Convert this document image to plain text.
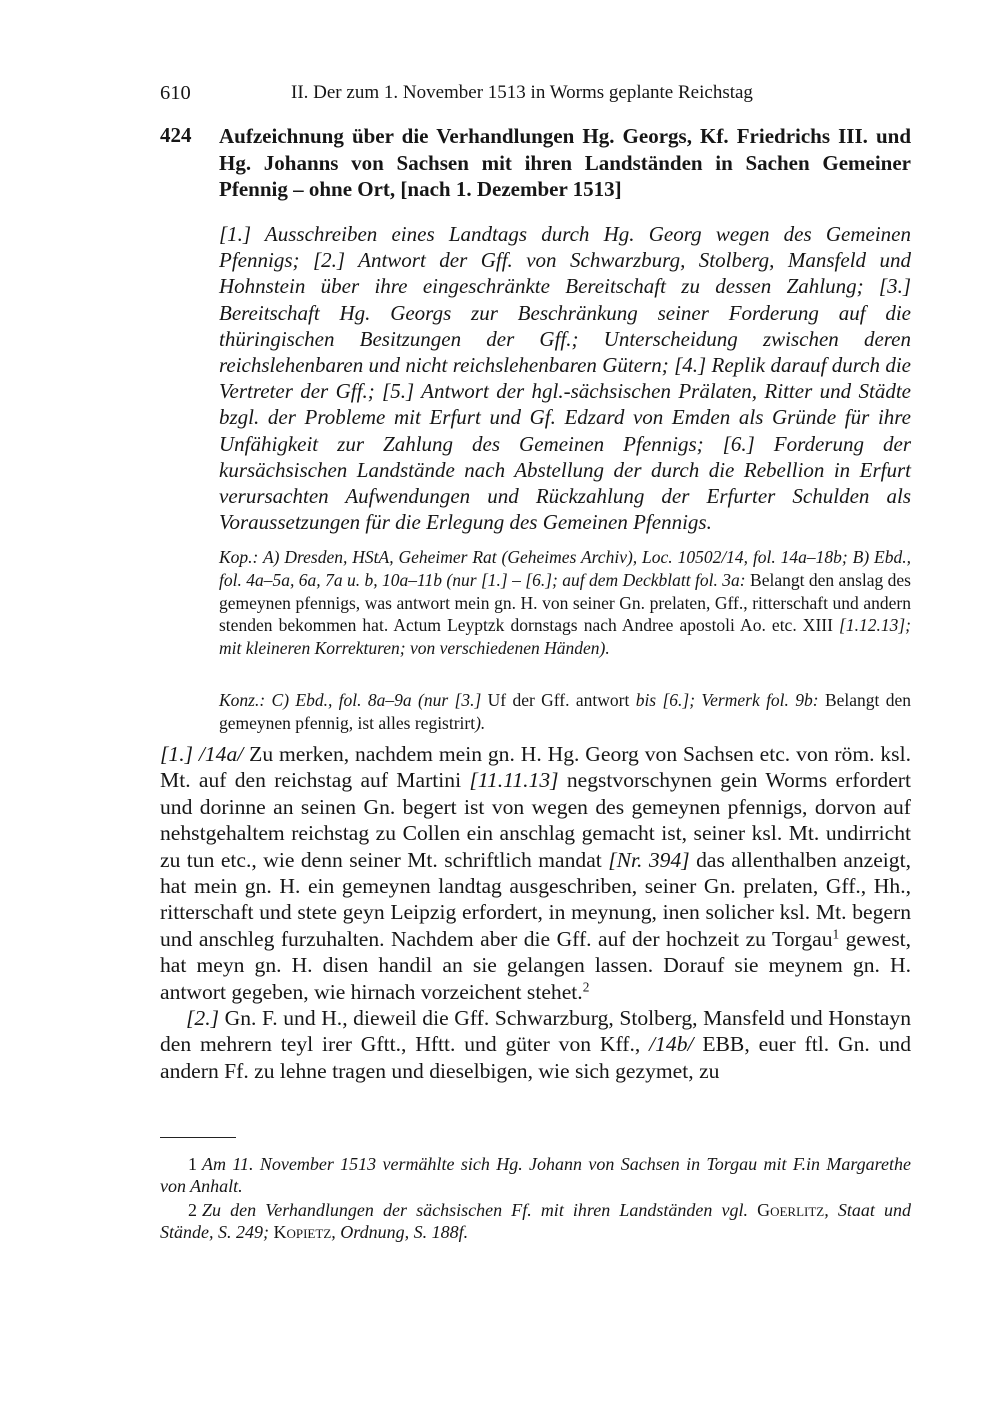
610	II. Der zum 1. November 1513 in Worms geplante Reichstag
424 Aufzeichnung über die Verhandlungen Hg. Georgs, Kf. Friedrichs III. und Hg. Johanns von Sachsen mit ihren Landständen in Sachen Gemeiner Pfennig – ohne Ort, [nach 1. Dezember 1513]
[1.] Ausschreiben eines Landtags durch Hg. Georg wegen des Gemeinen Pfennigs; [2.] Antwort der Gff. von Schwarzburg, Stolberg, Mansfeld und Hohnstein über ihre eingeschränkte Bereitschaft zu dessen Zahlung; [3.] Bereitschaft Hg. Georgs zur Beschränkung seiner Forderung auf die thüringischen Besitzungen der Gff.; Unterscheidung zwischen deren reichslehenbaren und nicht reichslehenbaren Gütern; [4.] Replik darauf durch die Vertreter der Gff.; [5.] Antwort der hgl.-sächsischen Prälaten, Ritter und Städte bzgl. der Probleme mit Erfurt und Gf. Edzard von Emden als Gründe für ihre Unfähigkeit zur Zahlung des Gemeinen Pfennigs; [6.] Forderung der kursächsischen Landstände nach Abstellung der durch die Rebellion in Erfurt verursachten Aufwendungen und Rückzahlung der Erfurter Schulden als Voraussetzungen für die Erlegung des Gemeinen Pfennigs.
Kop.: A) Dresden, HStA, Geheimer Rat (Geheimes Archiv), Loc. 10502/14, fol. 14a–18b; B) Ebd., fol. 4a–5a, 6a, 7a u. b, 10a–11b (nur [1.] – [6.]; auf dem Deckblatt fol. 3a: Belangt den anslag des gemeynen pfennigs, was antwort mein gn. H. von seiner Gn. prelaten, Gff., ritterschaft und andern stenden bekommen hat. Actum Leyptzk dornstags nach Andree apostoli Ao. etc. XIII [1.12.13]; mit kleineren Korrekturen; von verschiedenen Händen).
Konz.: C) Ebd., fol. 8a–9a (nur [3.] Uf der Gff. antwort bis [6.]; Vermerk fol. 9b: Belangt den gemeynen pfennig, ist alles registrirt).

[1.] /14a/ Zu merken, nachdem mein gn. H. Hg. Georg von Sachsen etc. von röm. ksl. Mt. auf den reichstag auf Martini [11.11.13] negstvorschynen gein Worms erfordert und dorinne an seinen Gn. begert ist von wegen des gemeynen pfennigs, dorvon auf nehstgehaltem reichstag zu Collen ein anschlag gemacht ist, seiner ksl. Mt. undirricht zu tun etc., wie denn seiner Mt. schriftlich mandat [Nr. 394] das allenthalben anzeigt, hat mein gn. H. ein gemeynen landtag ausgeschriben, seiner Gn. prelaten, Gff., Hh., ritterschaft und stete geyn Leipzig erfordert, in meynung, inen solicher ksl. Mt. begern und anschleg furzuhalten. Nachdem aber die Gff. auf der hochzeit zu Torgau$^1$ gewest, hat meyn gn. H. disen handil an sie gelangen lassen. Dorauf sie meynem gn. H. antwort gegeben, wie hirnach vorzeichent stehet.$^2$

[2.] Gn. F. und H., dieweil die Gff. Schwarzburg, Stolberg, Mansfeld und Honstayn den mehrern teyl irer Gftt., Hftt. und güter von Kff., /14b/ EBB, euer ftl. Gn. und andern Ff. zu lehne tragen und dieselbigen, wie sich gezymet, zu

1 Am 11. November 1513 vermählte sich Hg. Johann von Sachsen in Torgau mit F.in Margarethe von Anhalt.

2 Zu den Verhandlungen der sächsischen Ff. mit ihren Landständen vgl. Goerlitz, Staat und Stände, S. 249; Kopietz, Ordnung, S. 188f.
